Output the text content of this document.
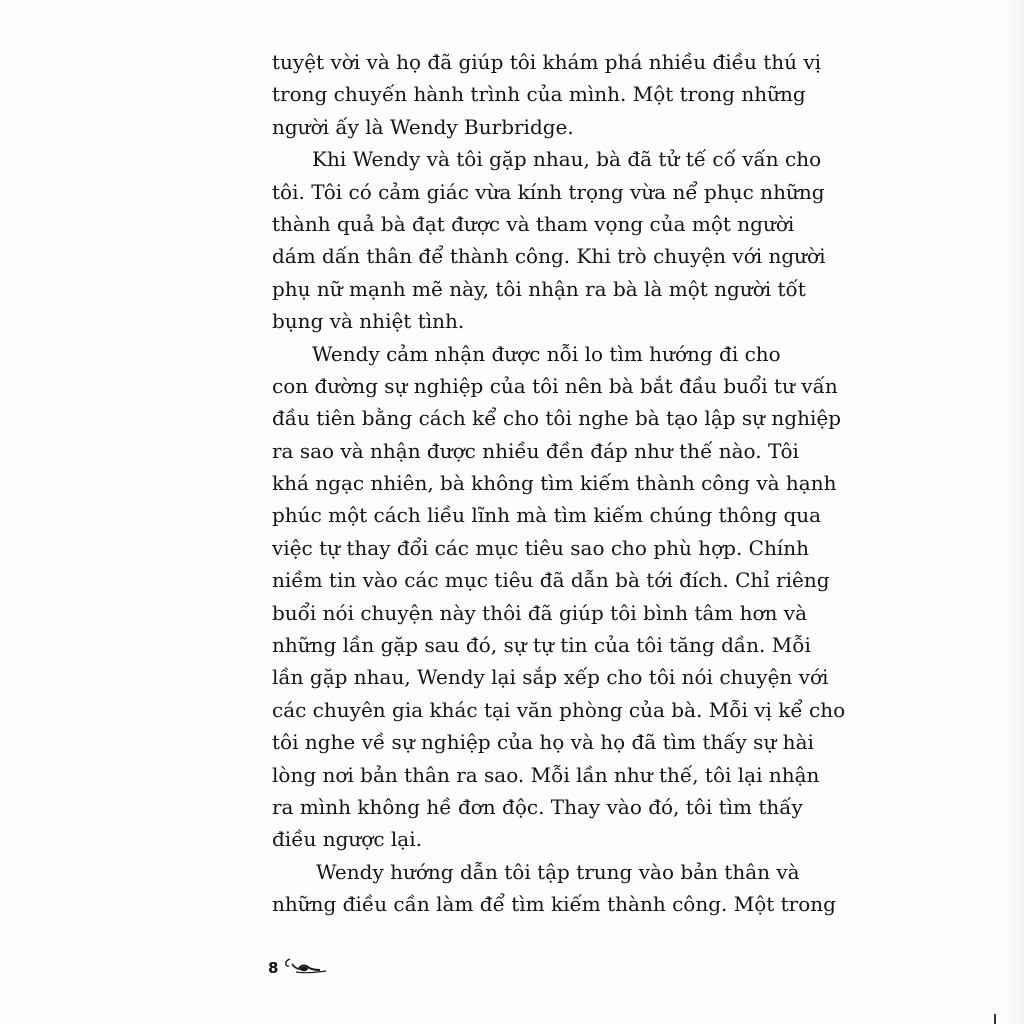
tuyệt vời và họ đã giúp tôi khám phá nhiều điều thú vị
trong chuyến hành trình của mình. Một trong những
người ấy là Wendy Burbridge.
Khi Wendy và tôi gặp nhau, bà đã tử tế cố vấn cho
tôi. Tôi có cảm giác vừa kính trọng vừa nể phục những
thành quả bà đạt được và tham vọng của một người
dám dấn thân để thành công. Khi trò chuyện với người
phụ nữ mạnh mẽ này, tôi nhận ra bà là một người tốt
bụng và nhiệt tình.
Wendy cảm nhận được nỗi lo tìm hướng đi cho
con đường sự nghiệp của tôi nên bà bắt đầu buổi tư vấn
đầu tiên bằng cách kể cho tôi nghe bà tạo lập sự nghiệp
ra sao và nhận được nhiều đền đáp như thế nào. Tôi
khá ngạc nhiên, bà không tìm kiếm thành công và hạnh
phúc một cách liều lĩnh mà tìm kiếm chúng thông qua
việc tự thay đổi các mục tiêu sao cho phù hợp. Chính
niềm tin vào các mục tiêu đã dẫn bà tới đích. Chỉ riêng
buổi nói chuyện này thôi đã giúp tôi bình tâm hơn và
những lần gặp sau đó, sự tự tin của tôi tăng dần. Mỗi
lần gặp nhau, Wendy lại sắp xếp cho tôi nói chuyện với
các chuyên gia khác tại văn phòng của bà. Mỗi vị kể cho
tôi nghe về sự nghiệp của họ và họ đã tìm thấy sự hài
lòng nơi bản thân ra sao. Mỗi lần như thế, tôi lại nhận
ra mình không hề đơn độc. Thay vào đó, tôi tìm thấy
điều ngược lại.
Wendy hướng dẫn tôi tập trung vào bản thân và
những điều cần làm để tìm kiếm thành công. Một trong
8
